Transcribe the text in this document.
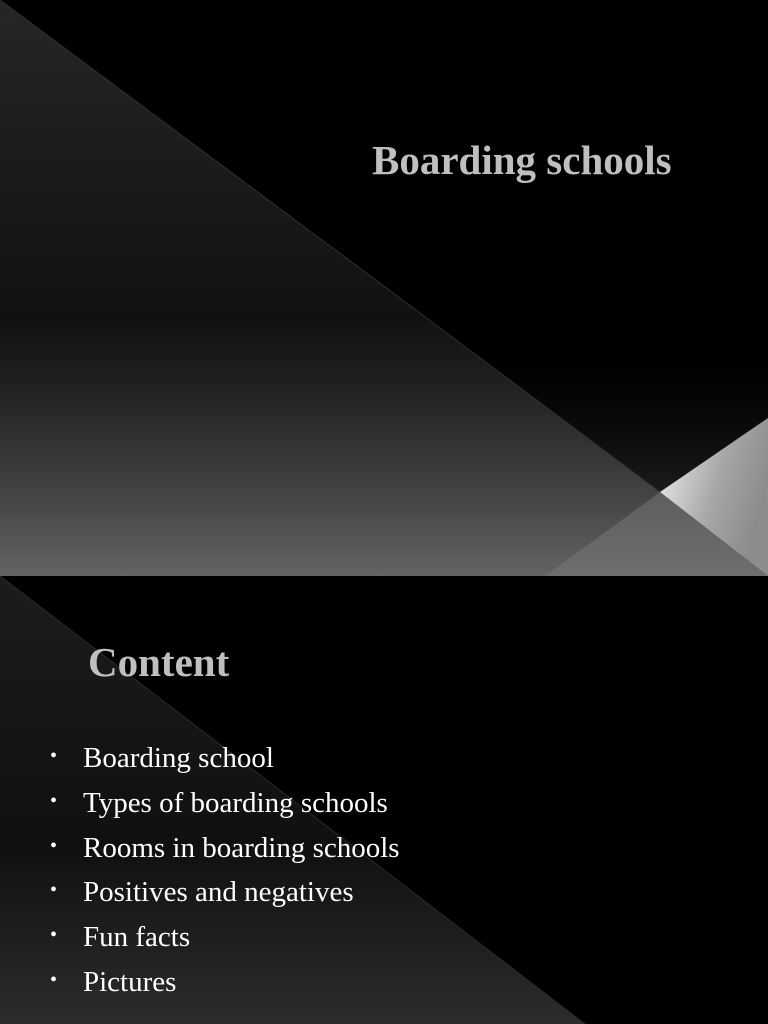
Boarding schools
Content
• Boarding school
• Types of boarding schools
• Rooms in boarding schools
• Positives and negatives
• Fun facts
• Pictures
